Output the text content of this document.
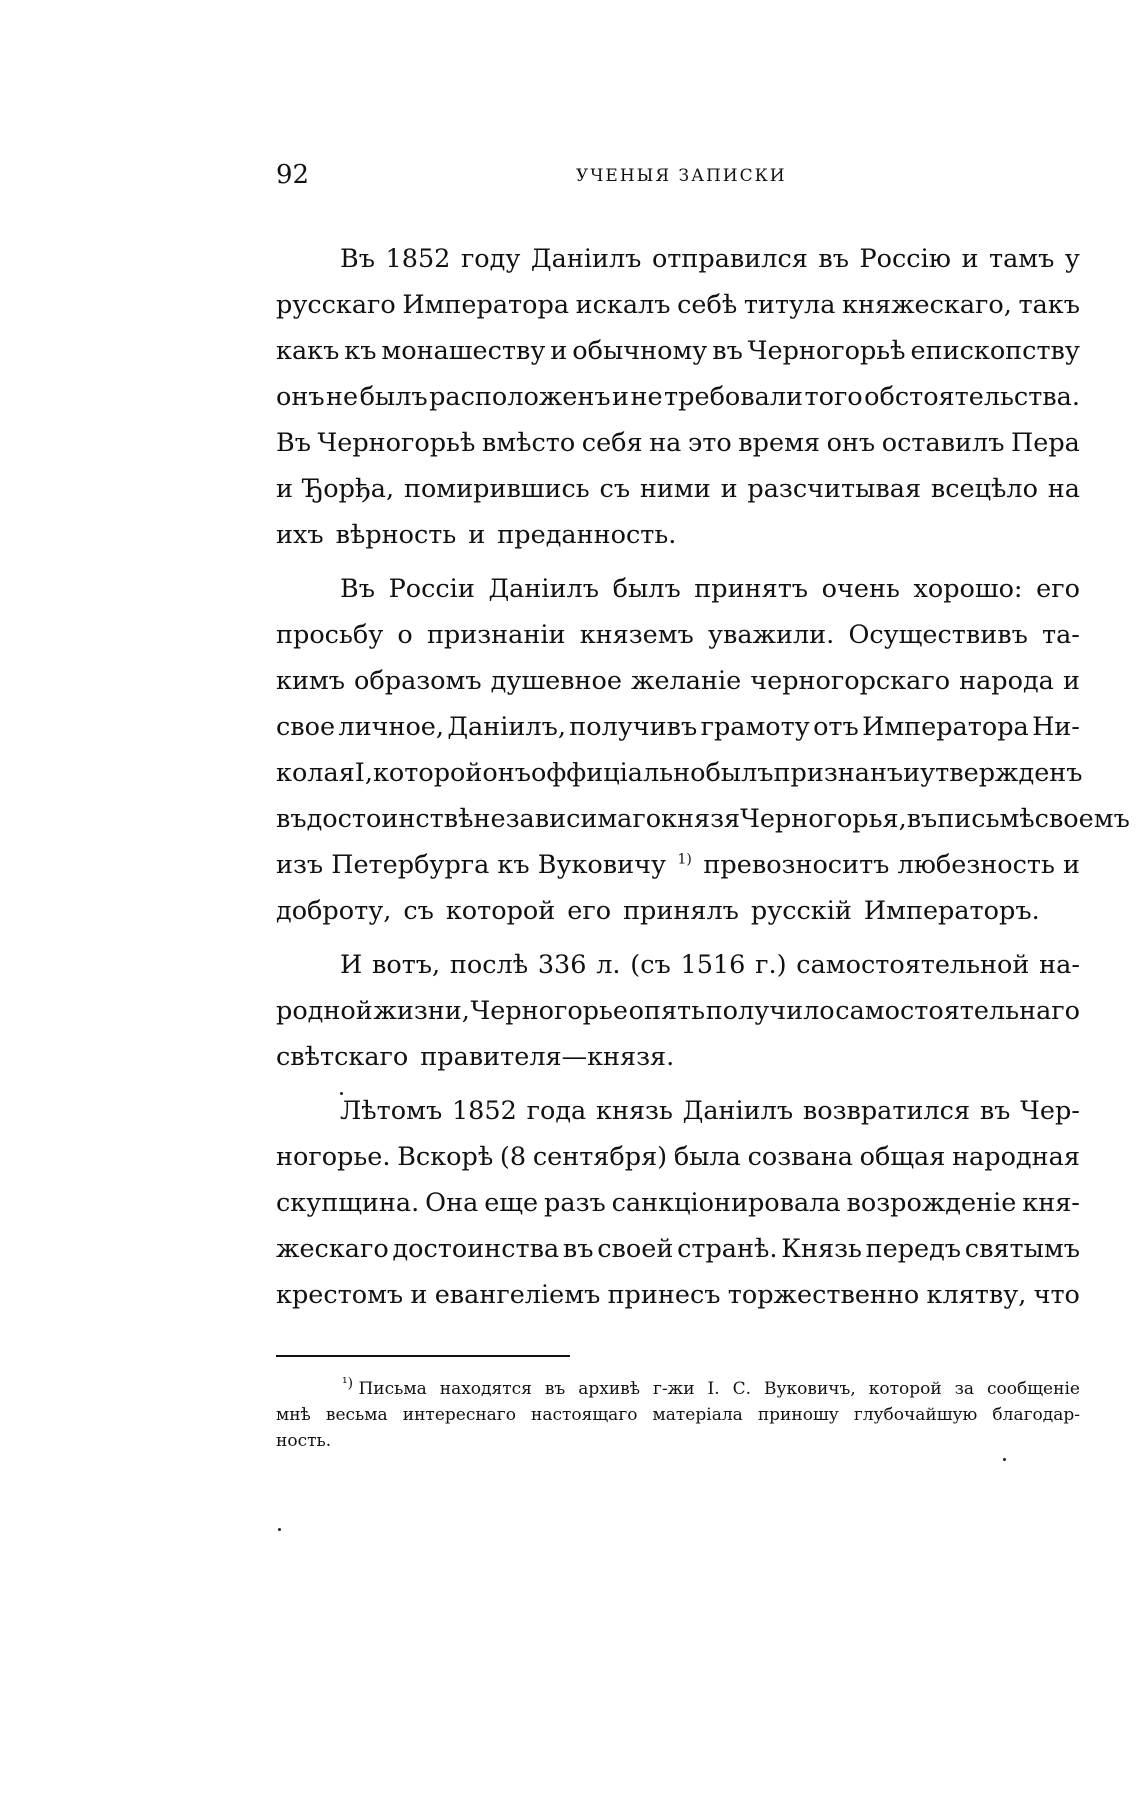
92	УЧЕНЫЯ ЗАПИСКИ
Въ 1852 году Даніилъ отправился въ Россію и тамъ у
русскаго Императора искалъ себѣ титула княжескаго, такъ
какъ къ монашеству и обычному въ Черногорьѣ епископству
онъ не былъ расположенъ и не требовали того обстоятельства.
Въ Черногорьѣ вмѣсто себя на это время онъ оставилъ Пера
и Ђорђа, помирившись съ ними и разсчитывая всецѣло на
ихъ вѣрность и преданность.
Въ Россіи Даніилъ былъ принятъ очень хорошо: его
просьбу о признаніи княземъ уважили. Осуществивъ та-
кимъ образомъ душевное желаніе черногорскаго народа и
свое личное, Даніилъ, получивъ грамоту отъ Императора Ни-
колая I, которой онъ оффиціально былъ признанъ и утвержденъ
въ достоинствѣ независимаго князя Черногорья, въ письмѣ своемъ
изъ Петербурга къ Вуковичу $^{1)}$ превозноситъ любезность и
доброту, съ которой его принялъ русскій Императоръ.
И вотъ, послѣ 336 л. (съ 1516 г.) самостоятельной на-
родной жизни, Черногорье опять получило самостоятельнаго
свѣтскаго правителя—князя.
Лѣтомъ 1852 года князь Даніилъ возвратился въ Чер-
ногорье. Вскорѣ (8 сентября) была созвана общая народная
скупщина. Она еще разъ санкціонировала возрожденіе кня-
жескаго достоинства въ своей странѣ. Князь передъ святымъ
крестомъ и евангеліемъ принесъ торжественно клятву, что
$^{^1)}$ Письма находятся въ архивѣ г-жи І. С. Вуковичъ, которой за сообщеніе
мнѣ весьма интереснаго настоящаго матеріала приношу глубочайшую благодар-
ность.
